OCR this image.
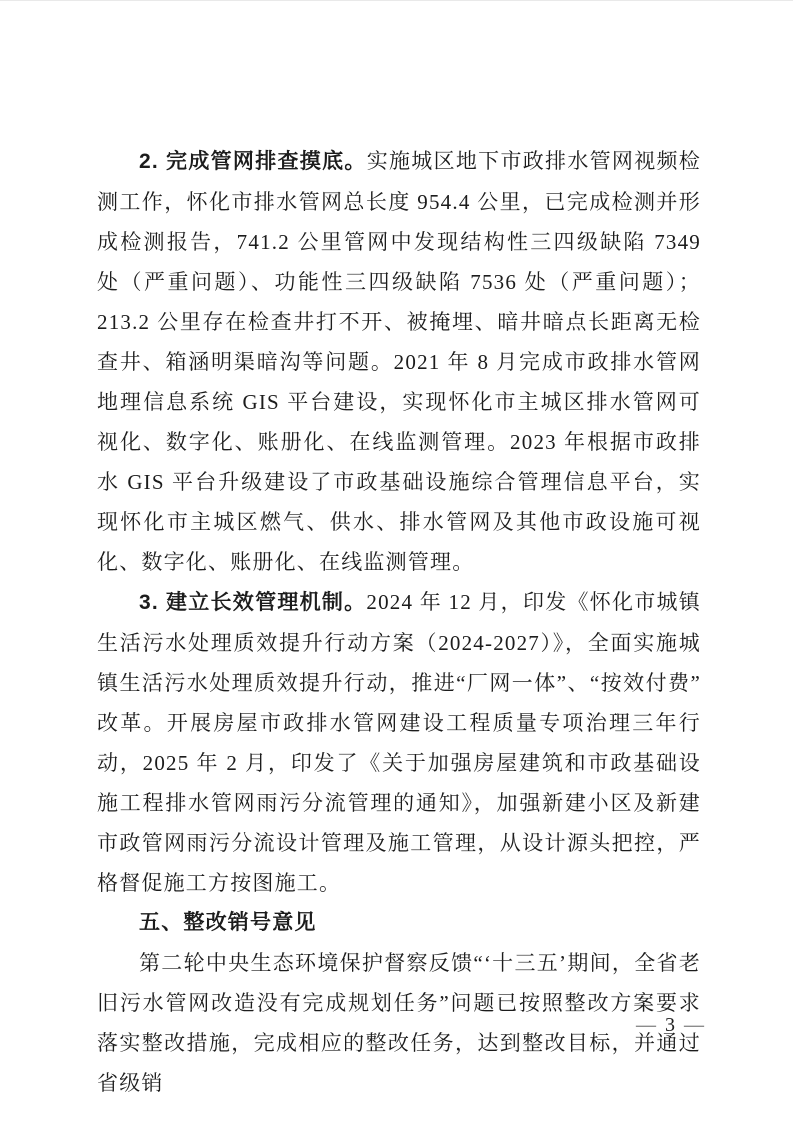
2. 完成管网排查摸底。实施城区地下市政排水管网视频检测工作，怀化市排水管网总长度 954.4 公里，已完成检测并形成检测报告，741.2 公里管网中发现结构性三四级缺陷 7349 处（严重问题）、功能性三四级缺陷 7536 处（严重问题）；213.2 公里存在检查井打不开、被掩埋、暗井暗点长距离无检查井、箱涵明渠暗沟等问题。2021 年 8 月完成市政排水管网地理信息系统 GIS 平台建设，实现怀化市主城区排水管网可视化、数字化、账册化、在线监测管理。2023 年根据市政排水 GIS 平台升级建设了市政基础设施综合管理信息平台，实现怀化市主城区燃气、供水、排水管网及其他市政设施可视化、数字化、账册化、在线监测管理。

3. 建立长效管理机制。2024 年 12 月，印发《怀化市城镇生活污水处理质效提升行动方案（2024-2027）》，全面实施城镇生活污水处理质效提升行动，推进“厂网一体”、“按效付费”改革。开展房屋市政排水管网建设工程质量专项治理三年行动，2025 年 2 月，印发了《关于加强房屋建筑和市政基础设施工程排水管网雨污分流管理的通知》，加强新建小区及新建市政管网雨污分流设计管理及施工管理，从设计源头把控，严格督促施工方按图施工。

五、整改销号意见

第二轮中央生态环境保护督察反馈“‘十三五’期间，全省老旧污水管网改造没有完成规划任务”问题已按照整改方案要求落实整改措施，完成相应的整改任务，达到整改目标，并通过省级销

— 3 —
